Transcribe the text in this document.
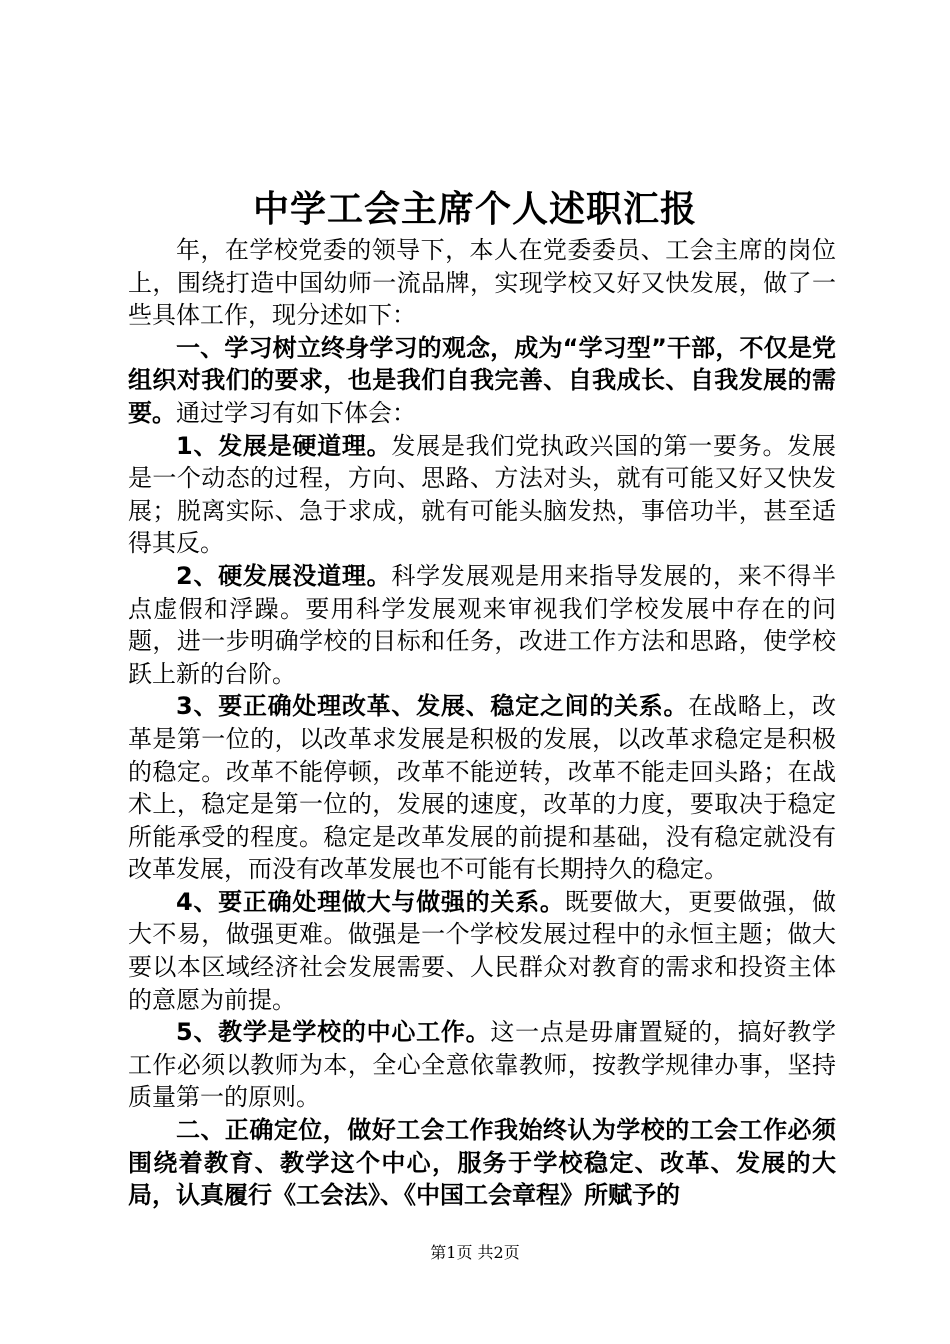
中学工会主席个人述职汇报

年，在学校党委的领导下，本人在党委委员、工会主席的岗位上，围绕打造中国幼师一流品牌，实现学校又好又快发展，做了一些具体工作，现分述如下：

一、学习树立终身学习的观念，成为“学习型”干部，不仅是党组织对我们的要求，也是我们自我完善、自我成长、自我发展的需要。通过学习有如下体会：

1、发展是硬道理。发展是我们党执政兴国的第一要务。发展是一个动态的过程，方向、思路、方法对头，就有可能又好又快发展；脱离实际、急于求成，就有可能头脑发热，事倍功半，甚至适得其反。

2、硬发展没道理。科学发展观是用来指导发展的，来不得半点虚假和浮躁。要用科学发展观来审视我们学校发展中存在的问题，进一步明确学校的目标和任务，改进工作方法和思路，使学校跃上新的台阶。

3、要正确处理改革、发展、稳定之间的关系。在战略上，改革是第一位的，以改革求发展是积极的发展，以改革求稳定是积极的稳定。改革不能停顿，改革不能逆转，改革不能走回头路；在战术上，稳定是第一位的，发展的速度，改革的力度，要取决于稳定所能承受的程度。稳定是改革发展的前提和基础，没有稳定就没有改革发展，而没有改革发展也不可能有长期持久的稳定。

4、要正确处理做大与做强的关系。既要做大，更要做强，做大不易，做强更难。做强是一个学校发展过程中的永恒主题；做大要以本区域经济社会发展需要、人民群众对教育的需求和投资主体的意愿为前提。

5、教学是学校的中心工作。这一点是毋庸置疑的，搞好教学工作必须以教师为本，全心全意依靠教师，按教学规律办事，坚持质量第一的原则。

二、正确定位，做好工会工作我始终认为学校的工会工作必须围绕着教育、教学这个中心，服务于学校稳定、改革、发展的大局，认真履行《工会法》、《中国工会章程》所赋予的

第1页 共2页
